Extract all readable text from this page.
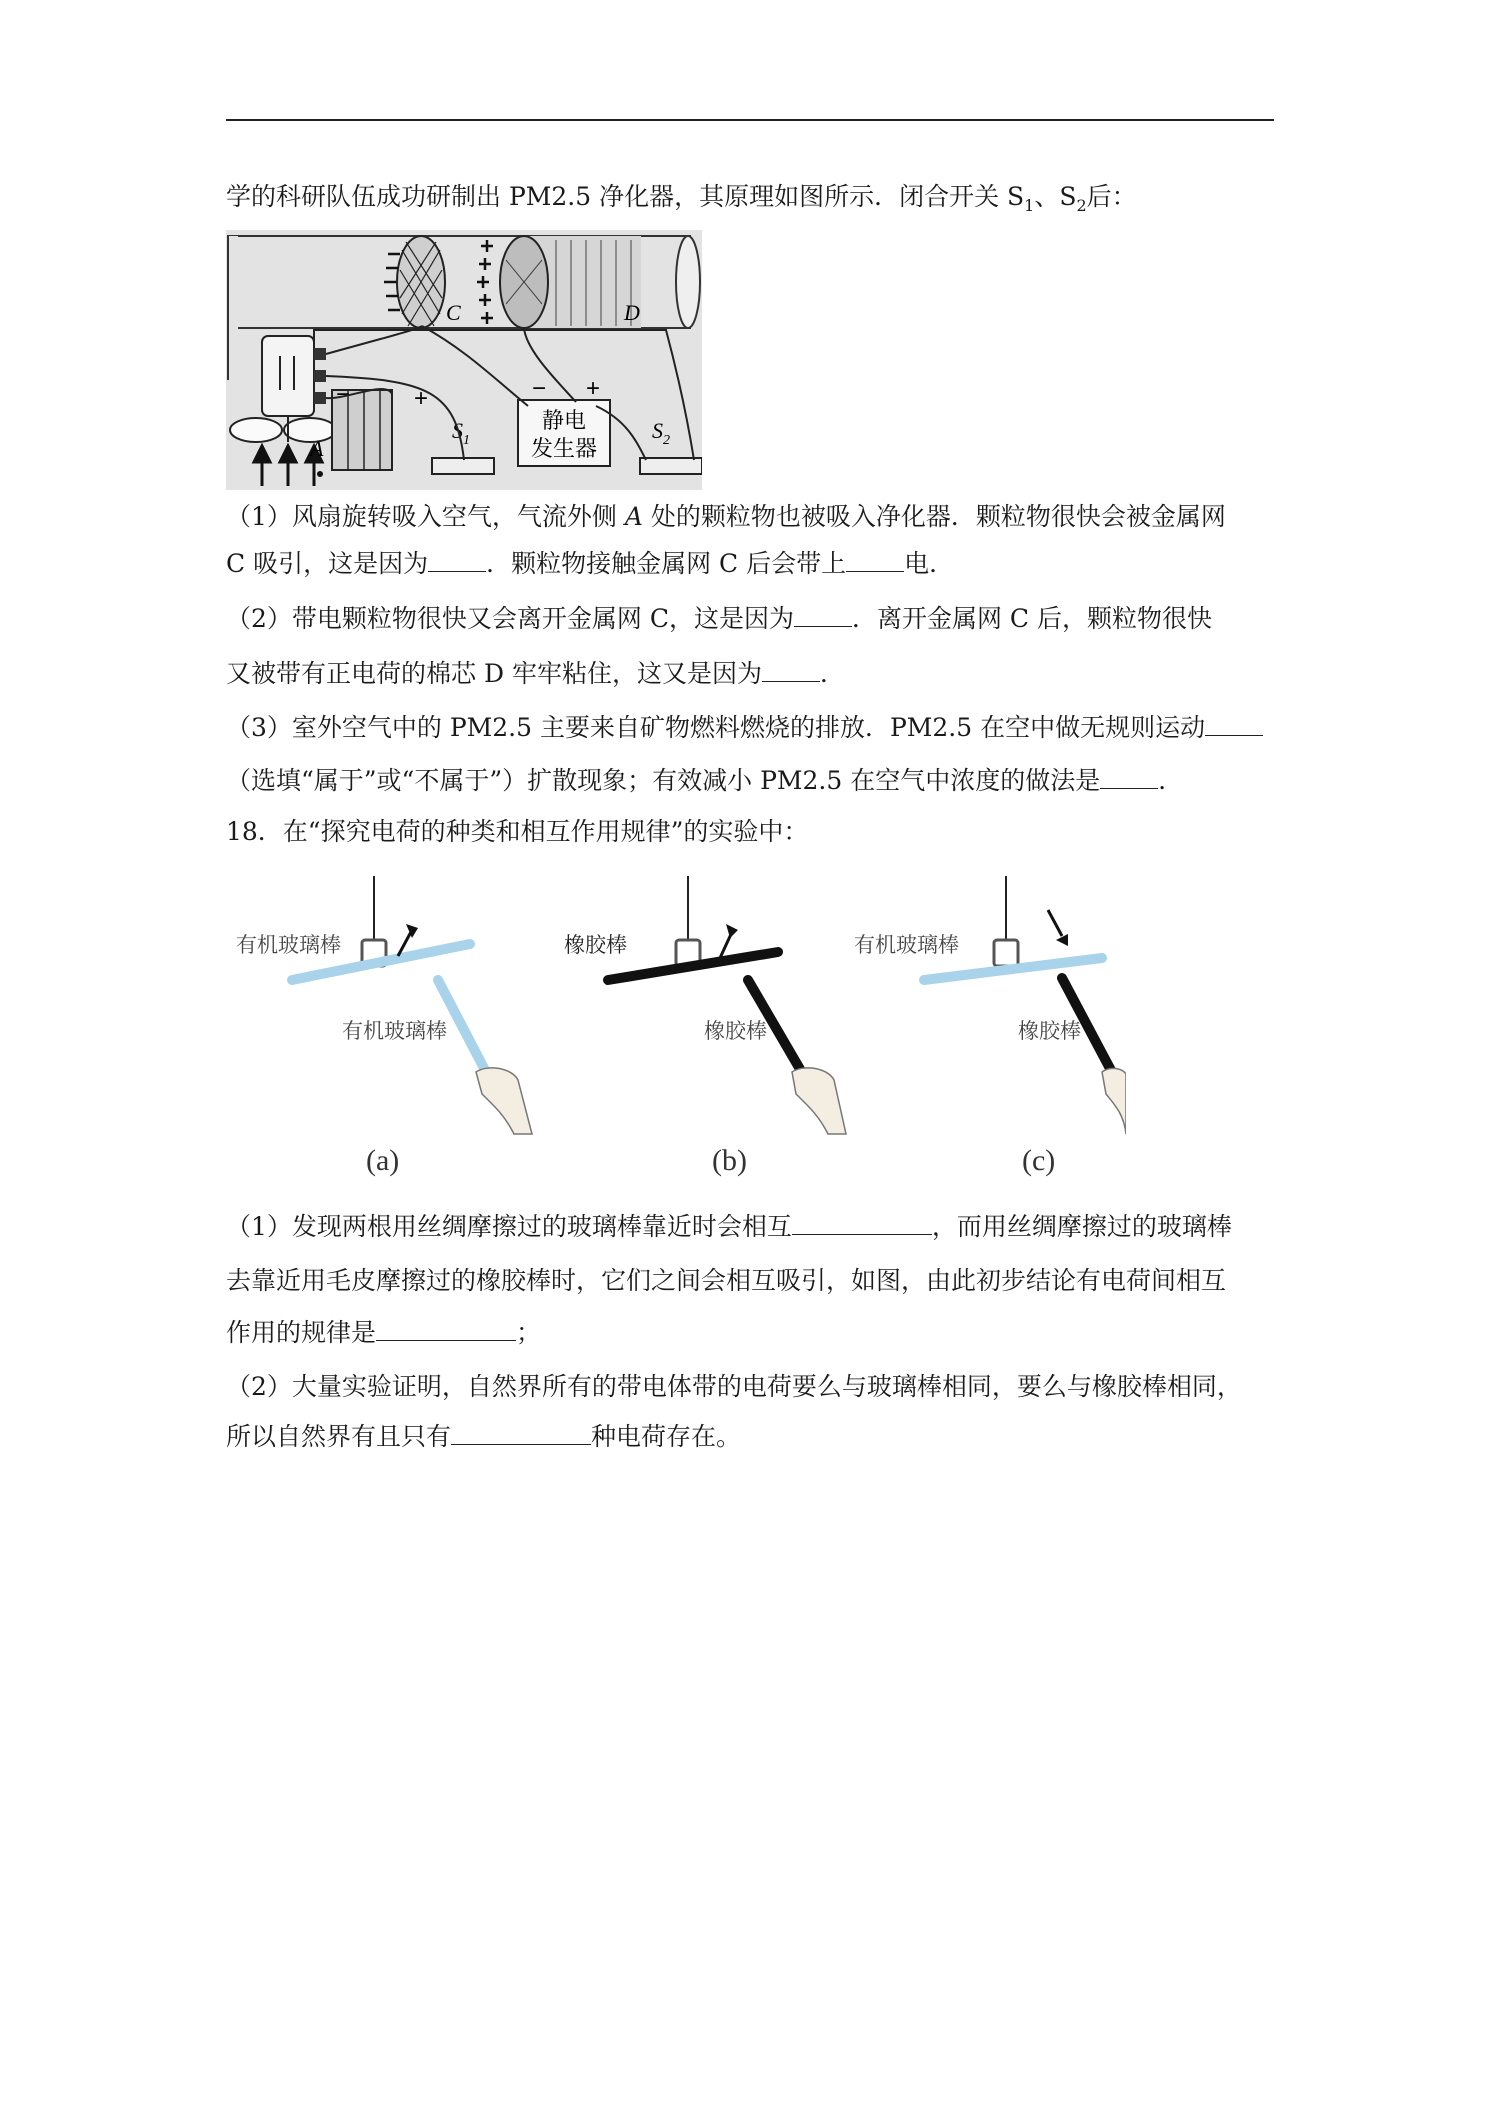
学的科研队伍成功研制出 PM2.5 净化器，其原理如图所示．闭合开关 $S_1$、$S_2$后：
C	D
−	+
A
$S_1$
静电
发生器
− +
$S_2$
（1）风扇旋转吸入空气，气流外侧 A 处的颗粒物也被吸入净化器．颗粒物很快会被金属网
C 吸引，这是因为 ．颗粒物接触金属网 C 后会带上 电．
（2）带电颗粒物很快又会离开金属网 C，这是因为 ．离开金属网 C 后，颗粒物很快
又被带有正电荷的棉芯 D 牢牢粘住，这又是因为 ．
（3）室外空气中的 PM2.5 主要来自矿物燃料燃烧的排放．PM2.5 在空中做无规则运动
（选填“属于”或“不属于”）扩散现象；有效减小 PM2.5 在空气中浓度的做法是 ．
18．在“探究电荷的种类和相互作用规律”的实验中：
有机玻璃棒
有机玻璃棒
(a)
橡胶棒
橡胶棒
(b)
有机玻璃棒
橡胶棒
(c)
（1）发现两根用丝绸摩擦过的玻璃棒靠近时会相互	，而用丝绸摩擦过的玻璃棒
去靠近用毛皮摩擦过的橡胶棒时，它们之间会相互吸引，如图，由此初步结论有电荷间相互
作用的规律是	；
（2）大量实验证明，自然界所有的带电体带的电荷要么与玻璃棒相同，要么与橡胶棒相同，
所以自然界有且只有	种电荷存在。
